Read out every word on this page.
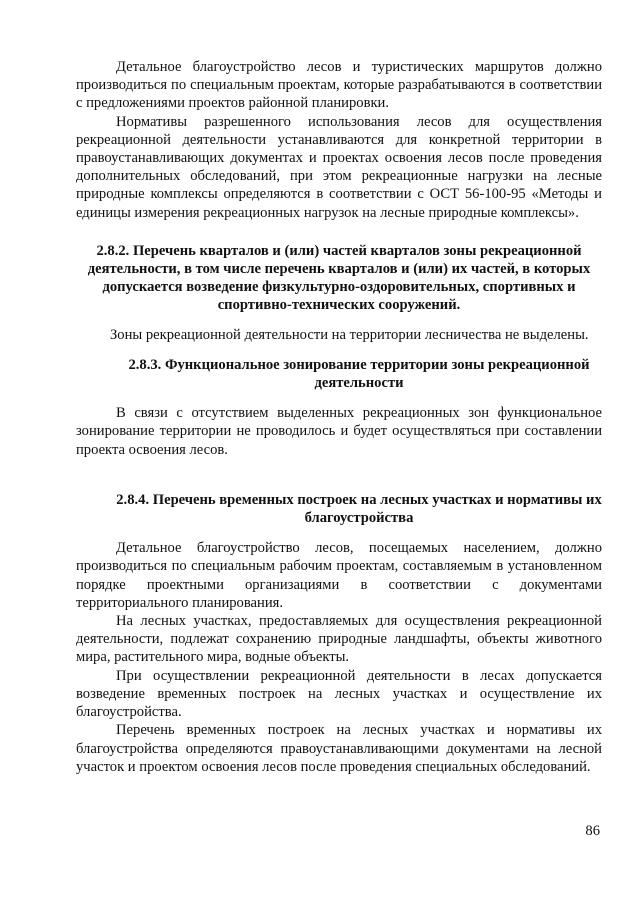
Детальное благоустройство лесов и туристических маршрутов должно производиться по специальным проектам, которые разрабатываются в соответствии с предложениями проектов районной планировки.

Нормативы разрешенного использования лесов для осуществления рекреационной деятельности устанавливаются для конкретной территории в правоустанавливающих документах и проектах освоения лесов после проведения дополнительных обследований, при этом рекреационные нагрузки на лесные природные комплексы определяются в соответствии с ОСТ 56-100-95 «Методы и единицы измерения рекреационных нагрузок на лесные природные комплексы».

2.8.2. Перечень кварталов и (или) частей кварталов зоны рекреационной деятельности, в том числе перечень кварталов и (или) их частей, в которых допускается возведение физкультурно-оздоровительных, спортивных и спортивно-технических сооружений.

Зоны рекреационной деятельности на территории лесничества не выделены.

2.8.3. Функциональное зонирование территории зоны рекреационной деятельности

В связи с отсутствием выделенных рекреационных зон функциональное зонирование территории не проводилось и будет осуществляться при составлении проекта освоения лесов.

2.8.4. Перечень временных построек на лесных участках и нормативы их благоустройства

Детальное благоустройство лесов, посещаемых населением, должно производиться по специальным рабочим проектам, составляемым в установленном порядке проектными организациями в соответствии с документами территориального планирования.

На лесных участках, предоставляемых для осуществления рекреационной деятельности, подлежат сохранению природные ландшафты, объекты животного мира, растительного мира, водные объекты.

При осуществлении рекреационной деятельности в лесах допускается возведение временных построек на лесных участках и осуществление их благоустройства.

Перечень временных построек на лесных участках и нормативы их благоустройства определяются правоустанавливающими документами на лесной участок и проектом освоения лесов после проведения специальных обследований.

86
